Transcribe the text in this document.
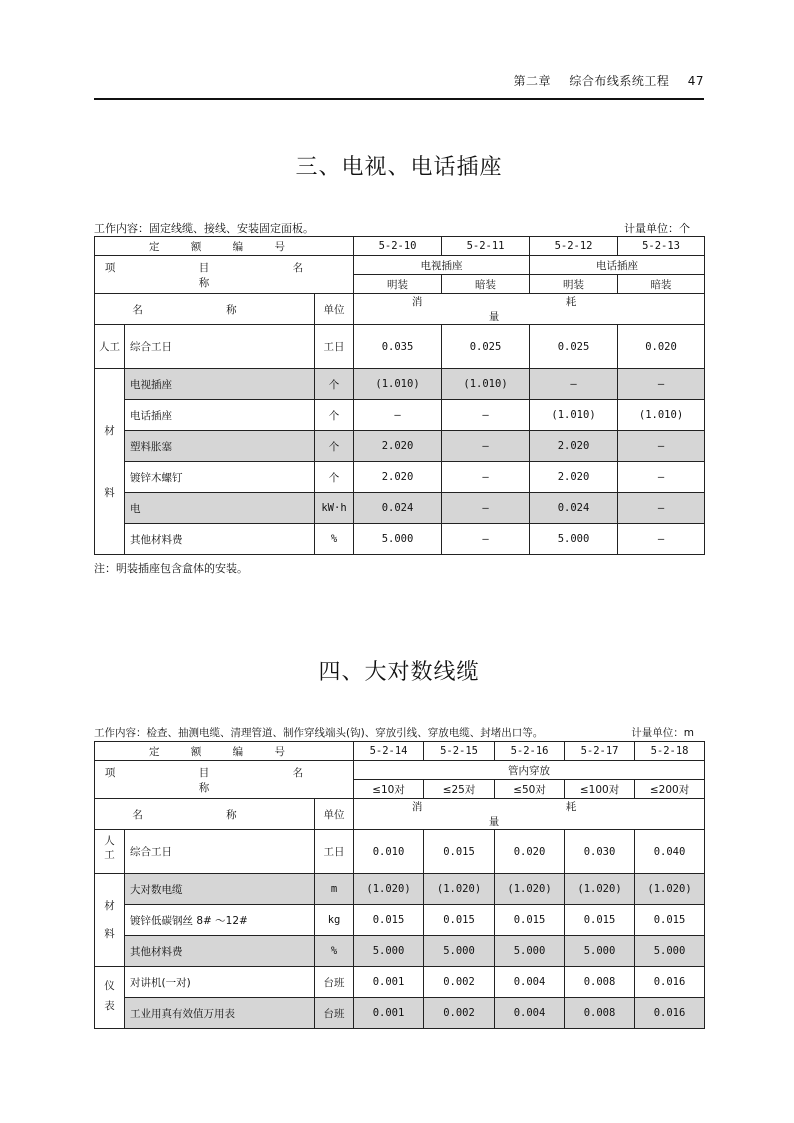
第二章 综合布线系统工程 47
三、电视、电话插座
工作内容：固定线缆、接线、安装固定面板。	计量单位：个
定 额 编 号			5-2-10	5-2-11	5-2-12	5-2-13
项 目 名 称			电视插座		电话插座	
			明装	暗装	明装	暗装
名 称		单位	消 耗 量			
人工	综合工日	工日	0.035	0.025	0.025	0.020
材料	电视插座	个	(1.010)	(1.010)	—	—
	电话插座	个	—	—	(1.010)	(1.010)
	塑料胀塞	个	2.020	—	2.020	—
	镀锌木螺钉	个	2.020	—	2.020	—
	电	kW·h	0.024	—	0.024	—
	其他材料费	%	5.000	—	5.000	—
注：明装插座包含盒体的安装。
四、大对数线缆
工作内容：检查、抽测电缆、清理管道、制作穿线端头(钩)、穿放引线、穿放电缆、封堵出口等。	计量单位：m
定 额 编 号			5-2-14	5-2-15	5-2-16	5-2-17	5-2-18
项 目 名 称			管内穿放				
			≤10对	≤25对	≤50对	≤100对	≤200对
名 称		单位	消 耗 量				
人工	综合工日	工日	0.010	0.015	0.020	0.030	0.040
材料	大对数电缆	m	(1.020)	(1.020)	(1.020)	(1.020)	(1.020)
	镀锌低碳钢丝 8# ～12#	kg	0.015	0.015	0.015	0.015	0.015
	其他材料费	%	5.000	5.000	5.000	5.000	5.000
仪表	对讲机(一对)	台班	0.001	0.002	0.004	0.008	0.016
	工业用真有效值万用表	台班	0.001	0.002	0.004	0.008	0.016
